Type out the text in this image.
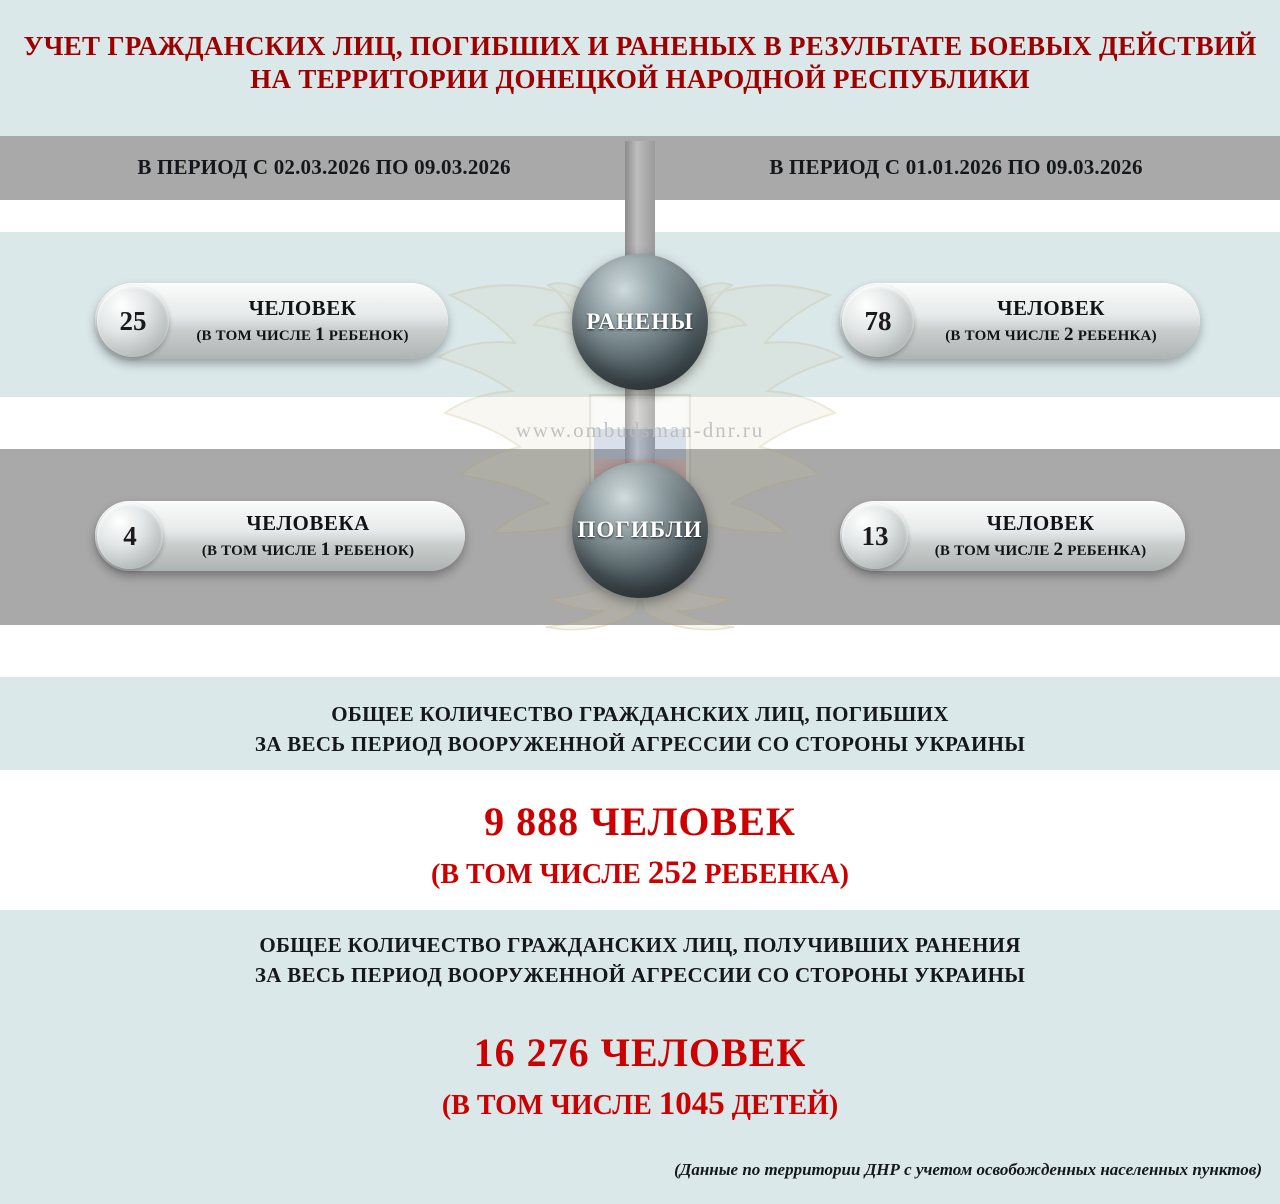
www.ombudsman-dnr.ru
УЧЕТ ГРАЖДАНСКИХ ЛИЦ, ПОГИБШИХ И РАНЕНЫХ В РЕЗУЛЬТАТЕ БОЕВЫХ ДЕЙСТВИЙ НА ТЕРРИТОРИИ ДОНЕЦКОЙ НАРОДНОЙ РЕСПУБЛИКИ
В ПЕРИОД С 02.03.2026 ПО 09.03.2026	В ПЕРИОД С 01.01.2026 ПО 09.03.2026
РАНЕНЫ
ПОГИБЛИ
25	ЧЕЛОВЕК
(В ТОМ ЧИСЛЕ 1 РЕБЕНОК)
78	ЧЕЛОВЕК
(В ТОМ ЧИСЛЕ 2 РЕБЕНКА)
4	ЧЕЛОВЕКА
(В ТОМ ЧИСЛЕ 1 РЕБЕНОК)
13	ЧЕЛОВЕК
(В ТОМ ЧИСЛЕ 2 РЕБЕНКА)
ОБЩЕЕ КОЛИЧЕСТВО ГРАЖДАНСКИХ ЛИЦ, ПОГИБШИХ
ЗА ВЕСЬ ПЕРИОД ВООРУЖЕННОЙ АГРЕССИИ СО СТОРОНЫ УКРАИНЫ
9 888 ЧЕЛОВЕК
(В ТОМ ЧИСЛЕ 252 РЕБЕНКА)
ОБЩЕЕ КОЛИЧЕСТВО ГРАЖДАНСКИХ ЛИЦ, ПОЛУЧИВШИХ РАНЕНИЯ
ЗА ВЕСЬ ПЕРИОД ВООРУЖЕННОЙ АГРЕССИИ СО СТОРОНЫ УКРАИНЫ
16 276 ЧЕЛОВЕК
(В ТОМ ЧИСЛЕ 1045 ДЕТЕЙ)
(Данные по территории ДНР с учетом освобожденных населенных пунктов)
